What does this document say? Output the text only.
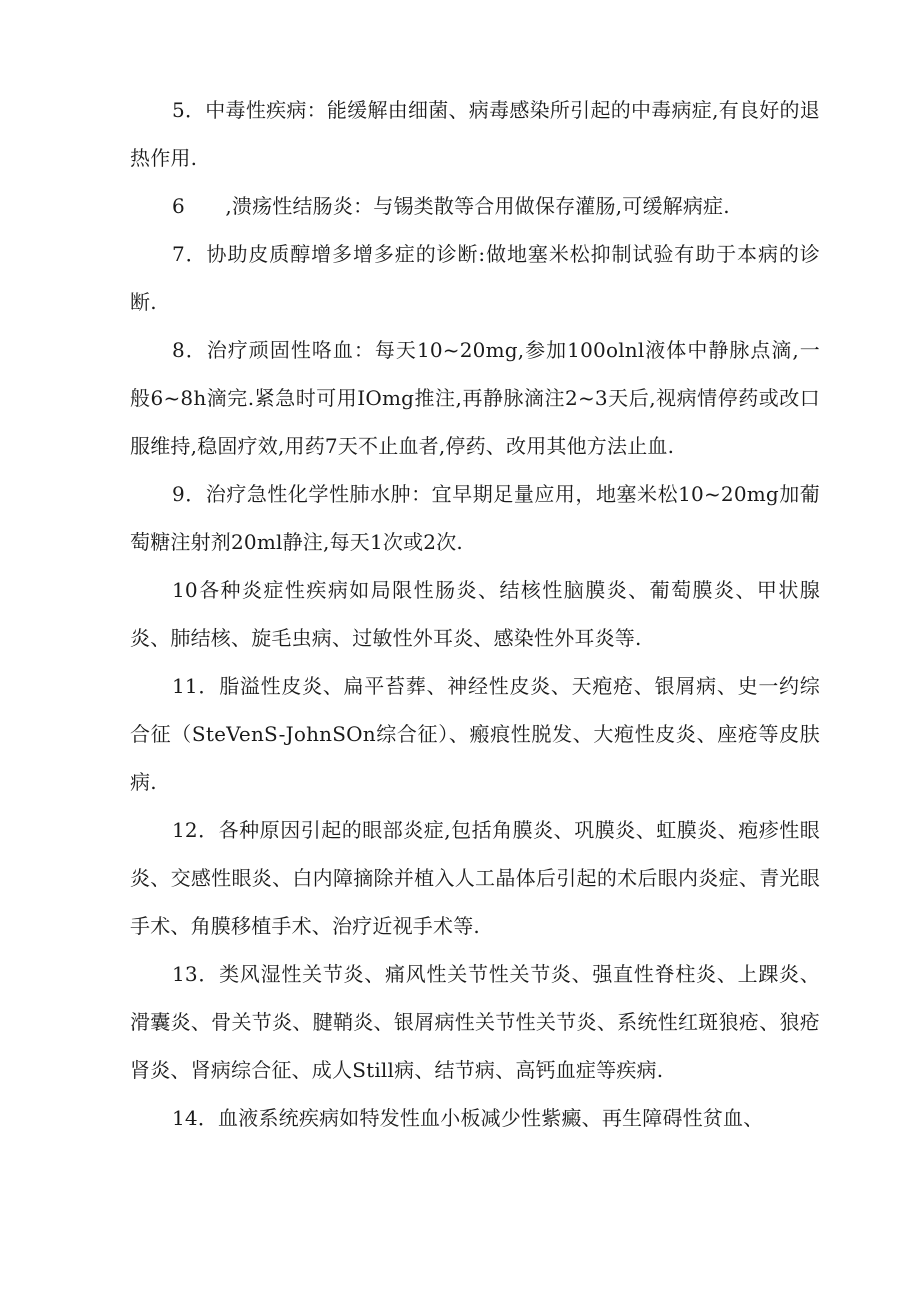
5．中毒性疾病：能缓解由细菌、病毒感染所引起的中毒病症,有良好的退热作用.

6　　,溃疡性结肠炎：与锡类散等合用做保存灌肠,可缓解病症.

7．协助皮质醇增多增多症的诊断:做地塞米松抑制试验有助于本病的诊断.

8．治疗顽固性咯血：每天10~20mg,参加100olnl液体中静脉点滴,一般6~8h滴完.紧急时可用IOmg推注,再静脉滴注2~3天后,视病情停药或改口服维持,稳固疗效,用药7天不止血者,停药、改用其他方法止血.

9．治疗急性化学性肺水肿：宜早期足量应用，地塞米松10~20mg加葡萄糖注射剂20ml静注,每天1次或2次.

10各种炎症性疾病如局限性肠炎、结核性脑膜炎、葡萄膜炎、甲状腺炎、肺结核、旋毛虫病、过敏性外耳炎、感染性外耳炎等.

11．脂溢性皮炎、扁平苔葬、神经性皮炎、天疱疮、银屑病、史一约综合征（SteVenS-JohnSOn综合征）、瘢痕性脱发、大疱性皮炎、座疮等皮肤病.

12．各种原因引起的眼部炎症,包括角膜炎、巩膜炎、虹膜炎、疱疹性眼炎、交感性眼炎、白内障摘除并植入人工晶体后引起的术后眼内炎症、青光眼手术、角膜移植手术、治疗近视手术等.

13．类风湿性关节炎、痛风性关节性关节炎、强直性脊柱炎、上踝炎、滑囊炎、骨关节炎、腱鞘炎、银屑病性关节性关节炎、系统性红斑狼疮、狼疮肾炎、肾病综合征、成人Still病、结节病、高钙血症等疾病.

14．血液系统疾病如特发性血小板减少性紫癜、再生障碍性贫血、
